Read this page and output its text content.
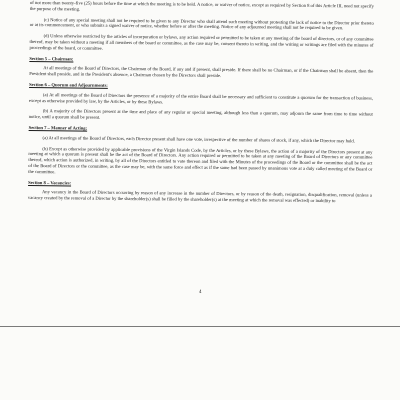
of not more than twenty-five (25) hours before the time at which the meeting is to be held. A notice, or waiver of notice, except as required by Section 8 of this Article III, need not specify the purpose of the meeting.

(c) Notice of any special meeting shall not be required to be given to any Director who shall attend such meeting without protesting the lack of notice to the Director prior thereto or at its commencement, or who submits a signed waiver of notice, whether before or after the meeting. Notice of any adjourned meeting shall not be required to be given.

(d) Unless otherwise restricted by the articles of incorporation or bylaws, any action required or permitted to be taken at any meeting of the board of directors, or of any committee thereof, may be taken without a meeting if all members of the board or committee, as the case may be, consent thereto in writing, and the writing or writings are filed with the minutes of proceedings of the board, or committee.

Section 5 – Chairman:

At all meetings of the Board of Directors, the Chairman of the Board, if any and if present, shall preside. If there shall be no Chairman, or if the Chairman shall be absent, then the President shall preside, and in the President's absence, a Chairman chosen by the Directors shall preside.

Section 6 – Quorum and Adjournments:

(a) At all meetings of the Board of Directors the presence of a majority of the entire Board shall be necessary and sufficient to constitute a quorum for the transaction of business, except as otherwise provided by law, by the Articles, or by these Bylaws.

(b) A majority of the Directors present at the time and place of any regular or special meeting, although less than a quorum, may adjourn the same from time to time without notice, until a quorum shall be present.

Section 7 – Manner of Acting:

(a) At all meetings of the Board of Directors, each Director present shall have one vote, irrespective of the number of shares of stock, if any, which the Director may hold.

(b) Except as otherwise provided by applicable provisions of the Virgin Islands Code, by the Articles, or by these Bylaws, the action of a majority of the Directors present at any meeting at which a quorum is present shall be the act of the Board of Directors. Any action required or permitted to be taken at any meeting of the Board of Directors or any committee thereof, which action is authorized, in writing, by all of the Directors entitled to vote thereon and filed with the Minutes of the proceedings of the Board or the committee shall be the act of the Board of Directors or the committee, as the case may be, with the same force and effect as if the same had been passed by unanimous vote at a duly called meeting of the Board or the committee.

Section 8 – Vacancies:

Any vacancy in the Board of Directors occurring by reason of any increase in the number of Directors, or by reason of the death, resignation, disqualification, removal (unless a vacancy created by the removal of a Director by the shareholder(s) shall be filled by the shareholder(s) at the meeting at which the removal was effected) or inability to

4
